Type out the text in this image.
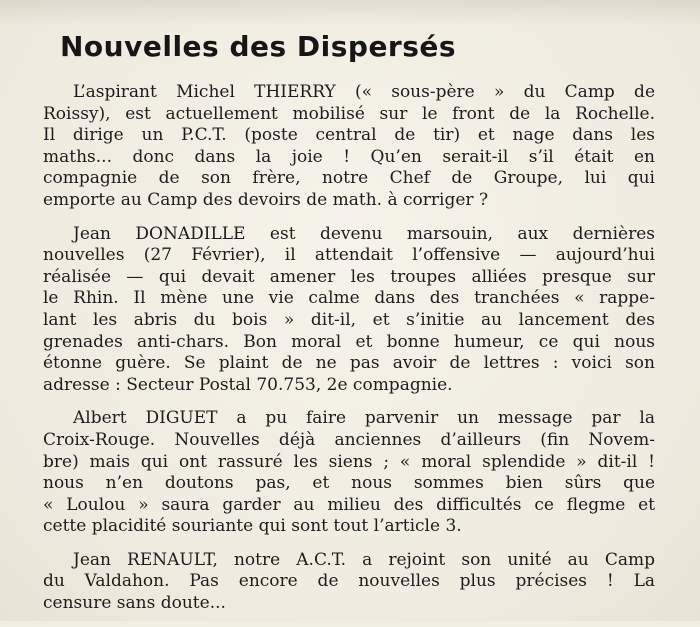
Nouvelles des Dispersés

L’aspirant Michel THIERRY (« sous-père » du Camp de
Roissy), est actuellement mobilisé sur le front de la Rochelle.
Il dirige un P.C.T. (poste central de tir) et nage dans les
maths... donc dans la joie ! Qu’en serait-il s’il était en
compagnie de son frère, notre Chef de Groupe, lui qui
emporte au Camp des devoirs de math. à corriger ?

Jean DONADILLE est devenu marsouin, aux dernières
nouvelles (27 Février), il attendait l’offensive — aujourd’hui
réalisée — qui devait amener les troupes alliées presque sur
le Rhin. Il mène une vie calme dans des tranchées « rappe-
lant les abris du bois » dit-il, et s’initie au lancement des
grenades anti-chars. Bon moral et bonne humeur, ce qui nous
étonne guère. Se plaint de ne pas avoir de lettres : voici son
adresse : Secteur Postal 70.753, 2e compagnie.

Albert DIGUET a pu faire parvenir un message par la
Croix-Rouge. Nouvelles déjà anciennes d’ailleurs (fin Novem-
bre) mais qui ont rassuré les siens ; « moral splendide » dit-il !
nous n’en doutons pas, et nous sommes bien sûrs que
« Loulou » saura garder au milieu des difficultés ce flegme et
cette placidité souriante qui sont tout l’article 3.

Jean RENAULT, notre A.C.T. a rejoint son unité au Camp
du Valdahon. Pas encore de nouvelles plus précises ! La
censure sans doute...
